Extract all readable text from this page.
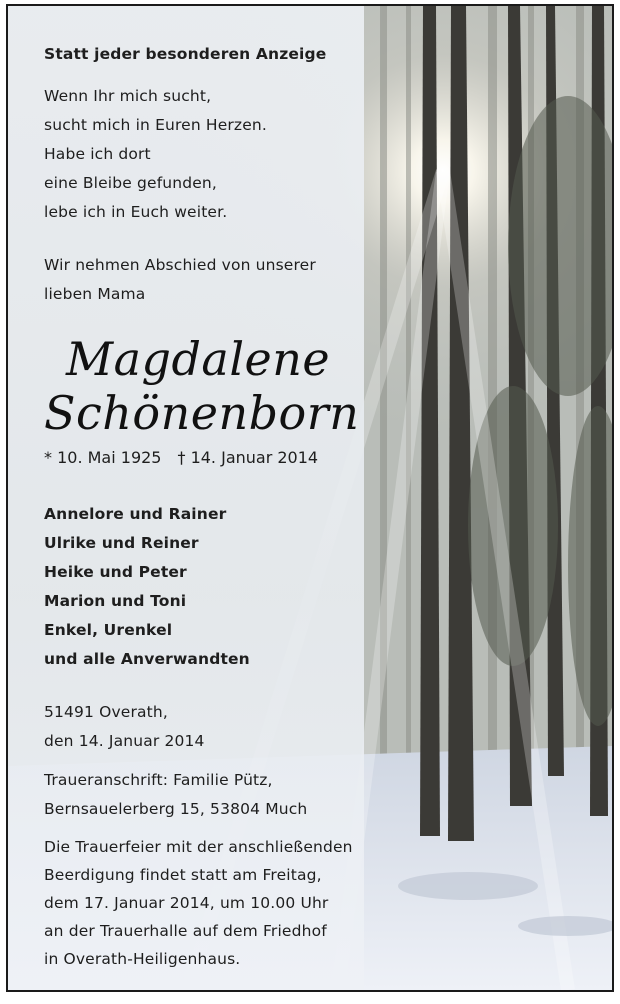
Statt jeder besonderen Anzeige

Wenn Ihr mich sucht,

sucht mich in Euren Herzen.

Habe ich dort

eine Bleibe gefunden,

lebe ich in Euch weiter.

Wir nehmen Abschied von unserer

lieben Mama

Magdalene

Schönenborn

* 10. Mai 1925 † 14. Januar 2014

Annelore und Rainer

Ulrike und Reiner

Heike und Peter

Marion und Toni

Enkel, Urenkel

und alle Anverwandten

51491 Overath,

den 14. Januar 2014

Traueranschrift: Familie Pütz,

Bernsauelerberg 15, 53804 Much

Die Trauerfeier mit der anschließenden

Beerdigung findet statt am Freitag,

dem 17. Januar 2014, um 10.00 Uhr

an der Trauerhalle auf dem Friedhof

in Overath-Heiligenhaus.
